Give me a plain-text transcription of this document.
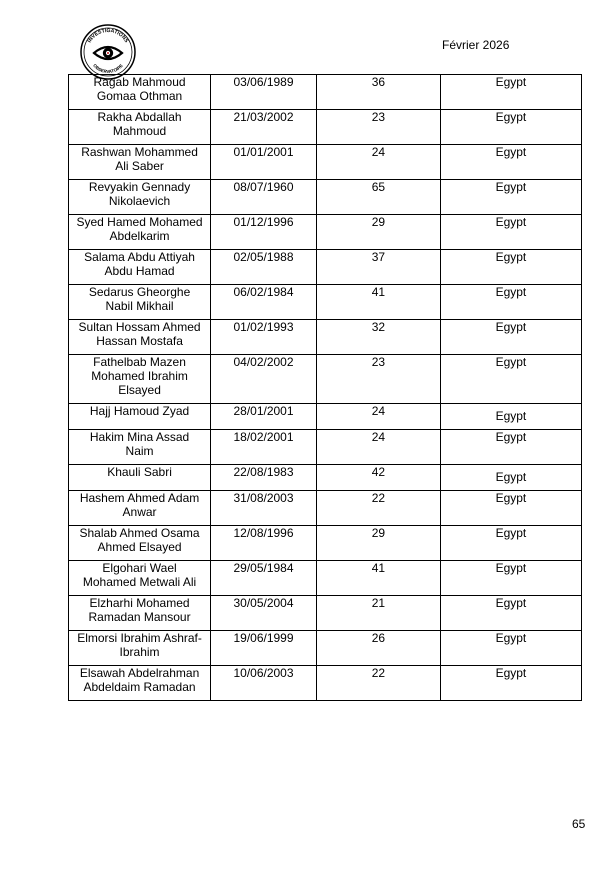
INVESTIGATIONS
OBSERVATOIRE
Février 2026
Ragab Mahmoud
Gomaa Othman	03/06/1989	36	Egypt

Rakha Abdallah
Mahmoud	21/03/2002	23	Egypt

Rashwan Mohammed
Ali Saber	01/01/2001	24	Egypt

Revyakin Gennady
Nikolaevich	08/07/1960	65	Egypt

Syed Hamed Mohamed
Abdelkarim	01/12/1996	29	Egypt

Salama Abdu Attiyah
Abdu Hamad	02/05/1988	37	Egypt

Sedarus Gheorghe
Nabil Mikhail	06/02/1984	41	Egypt

Sultan Hossam Ahmed
Hassan Mostafa	01/02/1993	32	Egypt

Fathelbab Mazen
Mohamed Ibrahim
Elsayed	04/02/2002	23	Egypt

Hajj Hamoud Zyad	28/01/2001	24	Egypt

Hakim Mina Assad
Naim	18/02/2001	24	Egypt

Khauli Sabri	22/08/1983	42	Egypt

Hashem Ahmed Adam
Anwar	31/08/2003	22	Egypt

Shalab Ahmed Osama
Ahmed Elsayed	12/08/1996	29	Egypt

Elgohari Wael
Mohamed Metwali Ali	29/05/1984	41	Egypt

Elzharhi Mohamed
Ramadan Mansour	30/05/2004	21	Egypt

Elmorsi Ibrahim Ashraf-
Ibrahim	19/06/1999	26	Egypt

Elsawah Abdelrahman
Abdeldaim Ramadan	10/06/2003	22	Egypt
65
